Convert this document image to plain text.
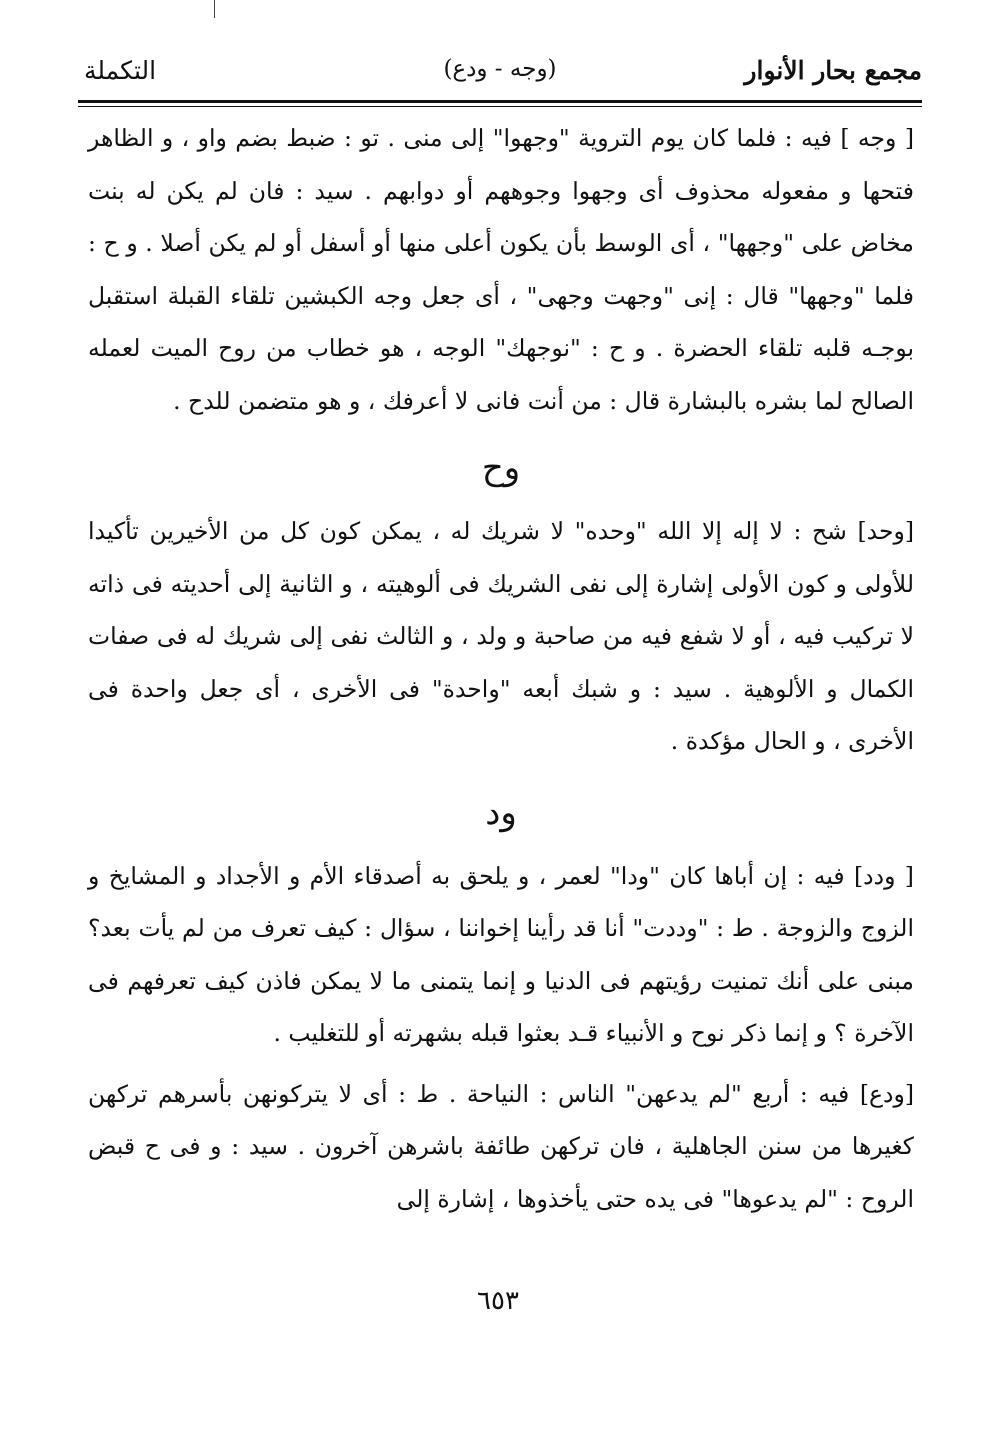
مجمع بحار الأنوار
(وجه - ودع)
التكملة

[ وجه ] فيه : فلما كان يوم التروية "وجهوا" إلى منى . تو : ضبط بضم واو ، و الظاهر فتحها و مفعوله محذوف أى وجهوا وجوههم أو دوابهم . سيد : فان لم يكن له بنت مخاض على "وجهها" ، أى الوسط بأن يكون أعلى منها أو أسفل أو لم يكن أصلا . و ح : فلما "وجهها" قال : إنى "وجهت وجهى" ، أى جعل وجه الكبشين تلقاء القبلة استقبل بوجـه قلبه تلقاء الحضرة . و ح : "نوجهك" الوجه ، هو خطاب من روح الميت لعمله الصالح لما بشره بالبشارة قال : من أنت فانى لا أعرفك ، و هو متضمن للدح .

وح

[وحد] شح : لا إله إلا الله "وحده" لا شريك له ، يمكن كون كل من الأخيرين تأكيدا للأولى و كون الأولى إشارة إلى نفى الشريك فى ألوهيته ، و الثانية إلى أحديته فى ذاته لا تركيب فيه ، أو لا شفع فيه من صاحبة و ولد ، و الثالث نفى إلى شريك له فى صفات الكمال و الألوهية . سيد : و شبك أبعه "واحدة" فى الأخرى ، أى جعل واحدة فى الأخرى ، و الحال مؤكدة .

ود

[ ودد] فيه : إن أباها كان "ودا" لعمر ، و يلحق به أصدقاء الأم و الأجداد و المشايخ و الزوج والزوجة . ط : "وددت" أنا قد رأينا إخواننا ، سؤال : كيف تعرف من لم يأت بعد؟ مبنى على أنك تمنيت رؤيتهم فى الدنيا و إنما يتمنى ما لا يمكن فاذن كيف تعرفهم فى الآخرة ؟ و إنما ذكر نوح و الأنبياء قـد بعثوا قبله بشهرته أو للتغليب .

[ودع] فيه : أربع "لم يدعهن" الناس : النياحة . ط : أى لا يتركونهن بأسرهم تركهن كغيرها من سنن الجاهلية ، فان تركهن طائفة باشرهن آخرون . سيد : و فى ح قبض الروح : "لم يدعوها" فى يده حتى يأخذوها ، إشارة إلى

٦٥٣
